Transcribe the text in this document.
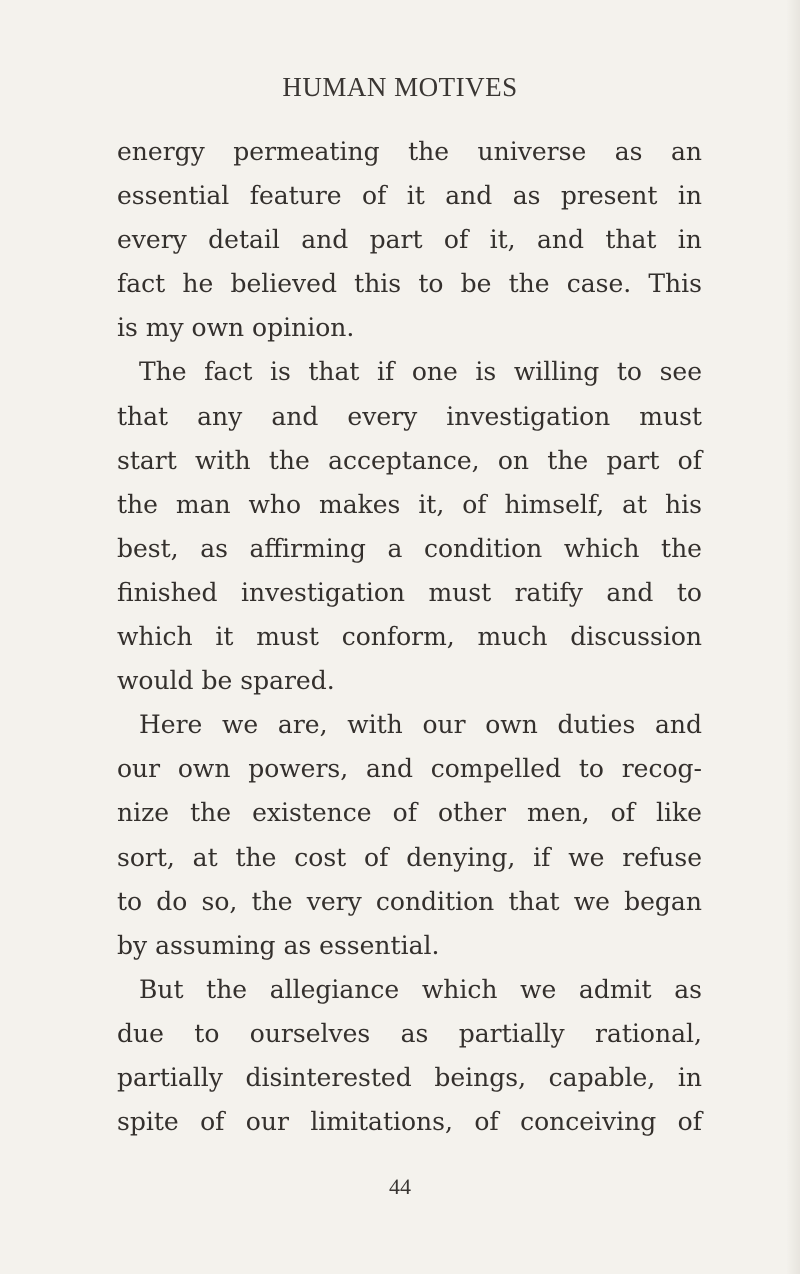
HUMAN MOTIVES
energy permeating the universe as an
essential feature of it and as present in
every detail and part of it, and that in
fact he believed this to be the case. This
is my own opinion.
The fact is that if one is willing to see
that any and every investigation must
start with the acceptance, on the part of
the man who makes it, of himself, at his
best, as affirming a condition which the
finished investigation must ratify and to
which it must conform, much discussion
would be spared.
Here we are, with our own duties and
our own powers, and compelled to recog-
nize the existence of other men, of like
sort, at the cost of denying, if we refuse
to do so, the very condition that we began
by assuming as essential.
But the allegiance which we admit as
due to ourselves as partially rational,
partially disinterested beings, capable, in
spite of our limitations, of conceiving of
44
